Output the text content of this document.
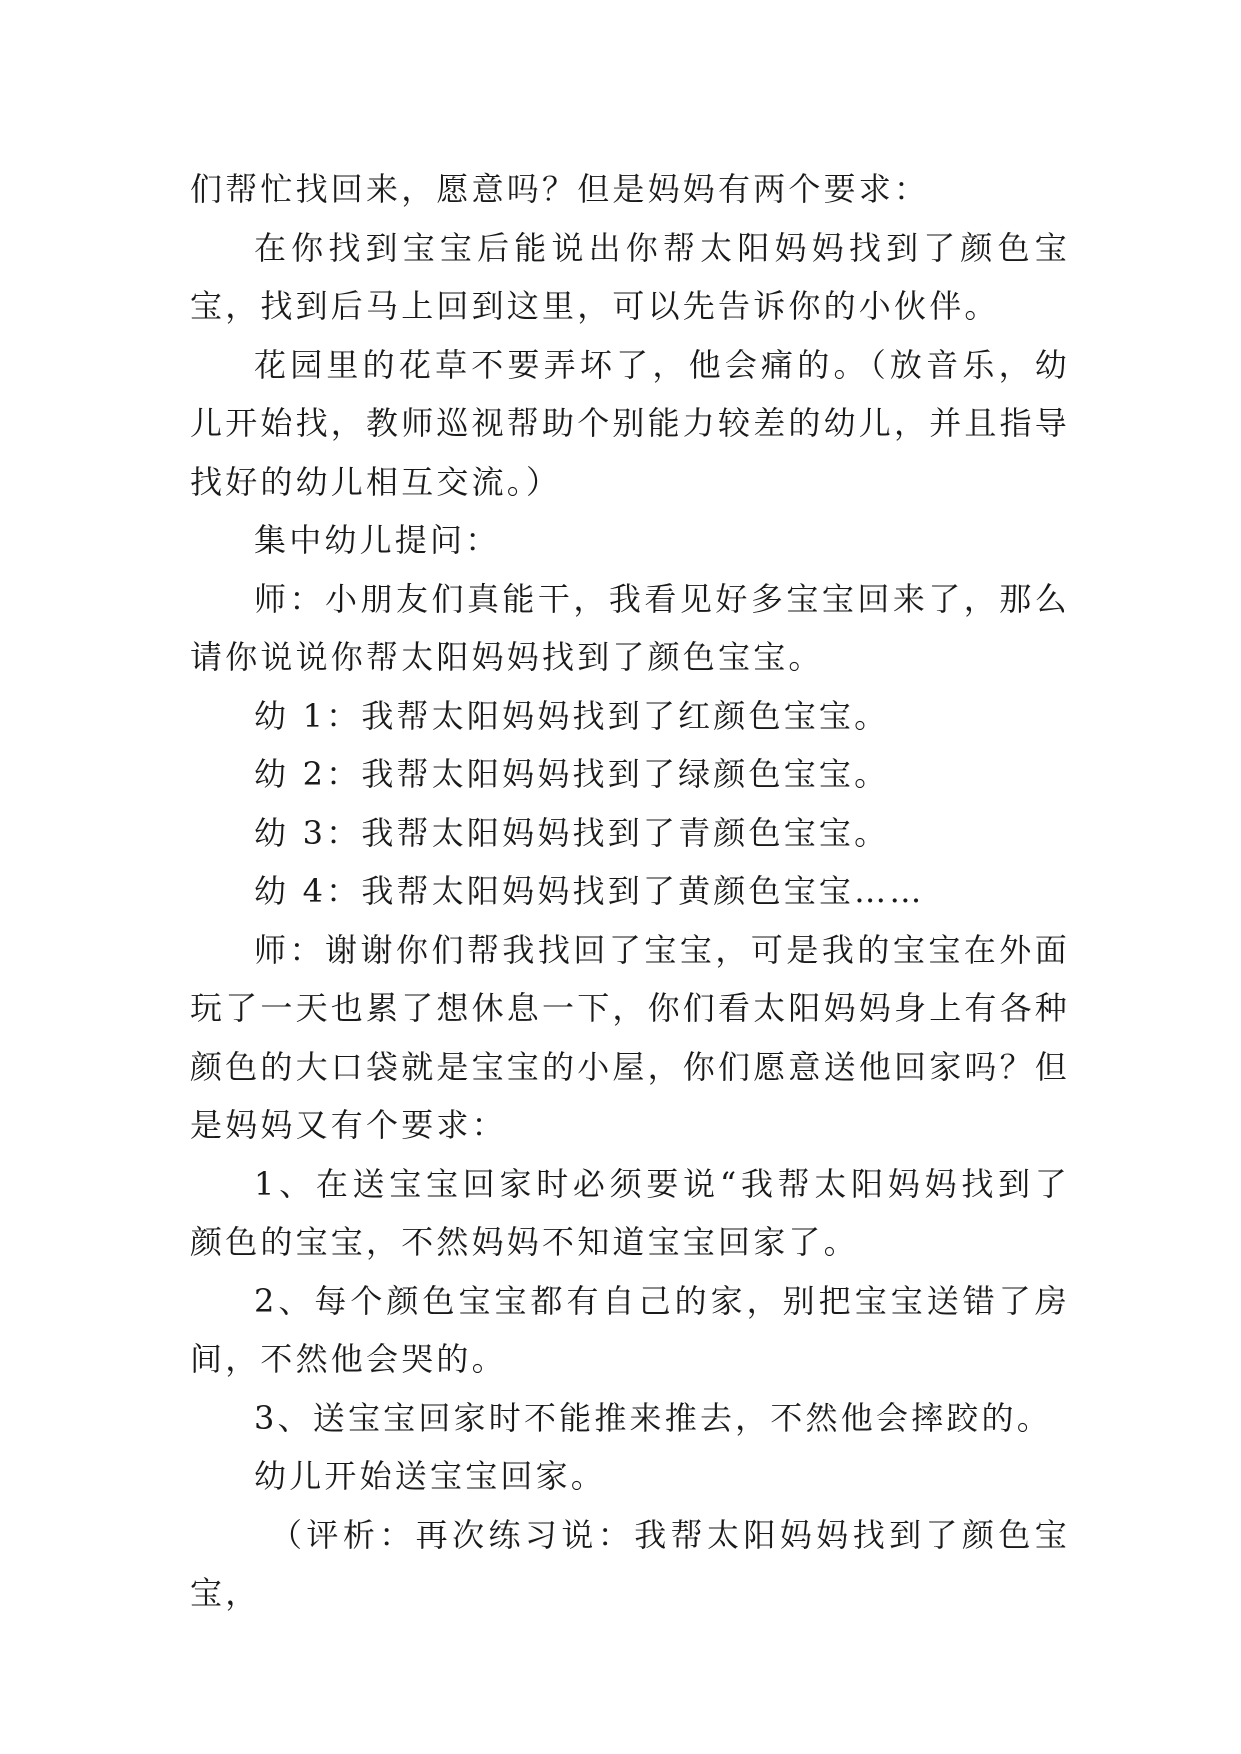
们帮忙找回来，愿意吗？但是妈妈有两个要求：

在你找到宝宝后能说出你帮太阳妈妈找到了颜色宝宝，找到后马上回到这里，可以先告诉你的小伙伴。

花园里的花草不要弄坏了，他会痛的。（放音乐，幼儿开始找，教师巡视帮助个别能力较差的幼儿，并且指导找好的幼儿相互交流。）

集中幼儿提问：

师：小朋友们真能干，我看见好多宝宝回来了，那么请你说说你帮太阳妈妈找到了颜色宝宝。

幼 1：我帮太阳妈妈找到了红颜色宝宝。

幼 2：我帮太阳妈妈找到了绿颜色宝宝。

幼 3：我帮太阳妈妈找到了青颜色宝宝。

幼 4：我帮太阳妈妈找到了黄颜色宝宝……

师：谢谢你们帮我找回了宝宝，可是我的宝宝在外面玩了一天也累了想休息一下，你们看太阳妈妈身上有各种颜色的大口袋就是宝宝的小屋，你们愿意送他回家吗？但是妈妈又有个要求：

1、在送宝宝回家时必须要说“我帮太阳妈妈找到了颜色的宝宝，不然妈妈不知道宝宝回家了。

2、每个颜色宝宝都有自己的家，别把宝宝送错了房间，不然他会哭的。

3、送宝宝回家时不能推来推去，不然他会摔跤的。

幼儿开始送宝宝回家。

（评析：再次练习说：我帮太阳妈妈找到了颜色宝宝，
